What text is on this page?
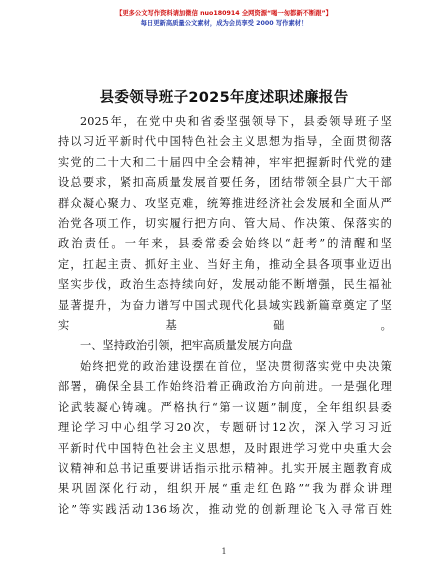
【更多公文写作资料请加微信 nuo180914 全网资源“喝一匆都新不断跟”】
每日更新高质量公文素材，成为会员享受 2000 写作素材！
县委领导班子2025年度述职述廉报告
2025年，在党中央和省委坚强领导下，县委领导班子坚
持以习近平新时代中国特色社会主义思想为指导，全面贯彻落
实党的二十大和二十届四中全会精神，牢牢把握新时代党的建
设总要求，紧扣高质量发展首要任务，团结带领全县广大干部
群众凝心聚力、攻坚克难，统筹推进经济社会发展和全面从严
治党各项工作，切实履行把方向、管大局、作决策、保落实的
政治责任。一年来，县委常委会始终以“赶考”的清醒和坚
定，扛起主责、抓好主业、当好主角，推动全县各项事业迈出
坚实步伐，政治生态持续向好，发展动能不断增强，民生福祉
显著提升，为奋力谱写中国式现代化县域实践新篇章奠定了坚
实基础。
一、坚持政治引领，把牢高质量发展方向盘
始终把党的政治建设摆在首位，坚决贯彻落实党中央决策
部署，确保全县工作始终沿着正确政治方向前进。一是强化理
论武装凝心铸魂。严格执行“第一议题”制度，全年组织县委
理论学习中心组学习20次，专题研讨12次，深入学习习近
平新时代中国特色社会主义思想，及时跟进学习党中央重大会
议精神和总书记重要讲话指示批示精神。扎实开展主题教育成
果巩固深化行动，组织开展“重走红色路”“我为群众讲理
论”等实践活动136场次，推动党的创新理论飞入寻常百姓
1
